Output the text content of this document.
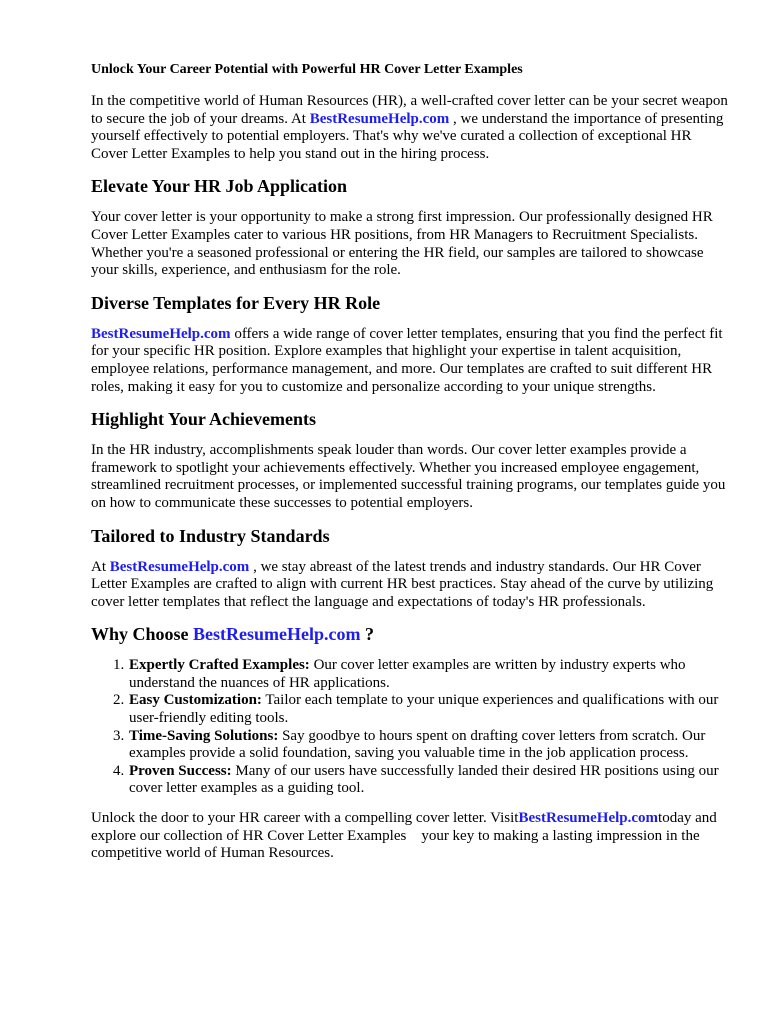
Unlock Your Career Potential with Powerful HR Cover Letter Examples

In the competitive world of Human Resources (HR), a well-crafted cover letter can be your secret weapon to secure the job of your dreams. At BestResumeHelp.com , we understand the importance of presenting yourself effectively to potential employers. That's why we've curated a collection of exceptional HR Cover Letter Examples to help you stand out in the hiring process.

Elevate Your HR Job Application

Your cover letter is your opportunity to make a strong first impression. Our professionally designed HR Cover Letter Examples cater to various HR positions, from HR Managers to Recruitment Specialists. Whether you're a seasoned professional or entering the HR field, our samples are tailored to showcase your skills, experience, and enthusiasm for the role.

Diverse Templates for Every HR Role

BestResumeHelp.com offers a wide range of cover letter templates, ensuring that you find the perfect fit for your specific HR position. Explore examples that highlight your expertise in talent acquisition, employee relations, performance management, and more. Our templates are crafted to suit different HR roles, making it easy for you to customize and personalize according to your unique strengths.

Highlight Your Achievements

In the HR industry, accomplishments speak louder than words. Our cover letter examples provide a framework to spotlight your achievements effectively. Whether you increased employee engagement, streamlined recruitment processes, or implemented successful training programs, our templates guide you on how to communicate these successes to potential employers.

Tailored to Industry Standards

At BestResumeHelp.com , we stay abreast of the latest trends and industry standards. Our HR Cover Letter Examples are crafted to align with current HR best practices. Stay ahead of the curve by utilizing cover letter templates that reflect the language and expectations of today's HR professionals.

Why Choose BestResumeHelp.com ?
1. Expertly Crafted Examples: Our cover letter examples are written by industry experts who understand the nuances of HR applications.
2. Easy Customization: Tailor each template to your unique experiences and qualifications with our user-friendly editing tools.
3. Time-Saving Solutions: Say goodbye to hours spent on drafting cover letters from scratch. Our examples provide a solid foundation, saving you valuable time in the job application process.
4. Proven Success: Many of our users have successfully landed their desired HR positions using our cover letter examples as a guiding tool.

Unlock the door to your HR career with a compelling cover letter. VisitBestResumeHelp.comtoday and explore our collection of HR Cover Letter Examples    your key to making a lasting impression in the competitive world of Human Resources.
